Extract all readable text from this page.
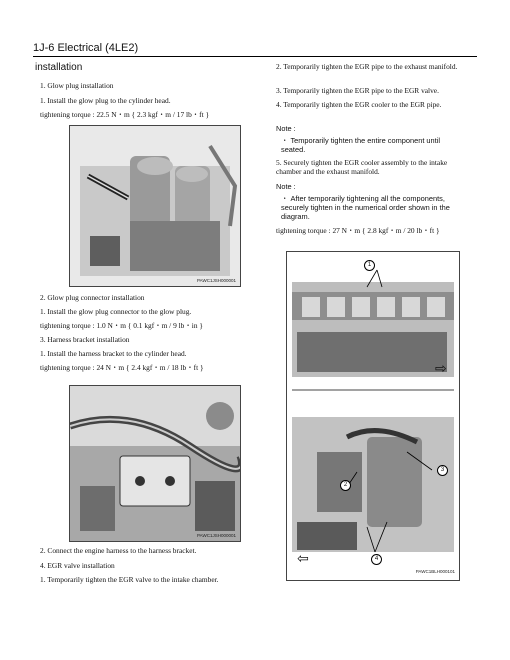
1J-6 Electrical (4LE2)
installation
1. Glow plug installation
1. Install the glow plug to the cylinder head.
tightening torque : 22.5 N・m { 2.3 kgf・m / 17 lb・ft }
PAWC1JSH000001
2. Glow plug connector installation
1. Install the glow plug connector to the glow plug.
tightening torque : 1.0 N・m { 0.1 kgf・m / 9 lb・in }
3. Harness bracket installation
1. Install the harness bracket to the cylinder head.
tightening torque : 24 N・m { 2.4 kgf・m / 18 lb・ft }
PAWC1JSH000001
2. Connect the engine harness to the harness bracket.
4. EGR valve installation
1. Temporarily tighten the EGR valve to the intake chamber.
2. Temporarily tighten the EGR pipe to the exhaust manifold.
3. Temporarily tighten the EGR pipe to the EGR valve.
4. Temporarily tighten the EGR cooler to the EGR pipe.
Note :
・ Temporarily tighten the entire component until seated.
5. Securely tighten the EGR cooler assembly to the intake chamber and the exhaust manifold.
Note :
・ After temporarily tightening all the components, securely tighten in the numerical order shown in the diagram.
tightening torque : 27 N・m { 2.8 kgf・m / 20 lb・ft }
1
⇨
3
2
⇦	4
PAWC1BLH000101
